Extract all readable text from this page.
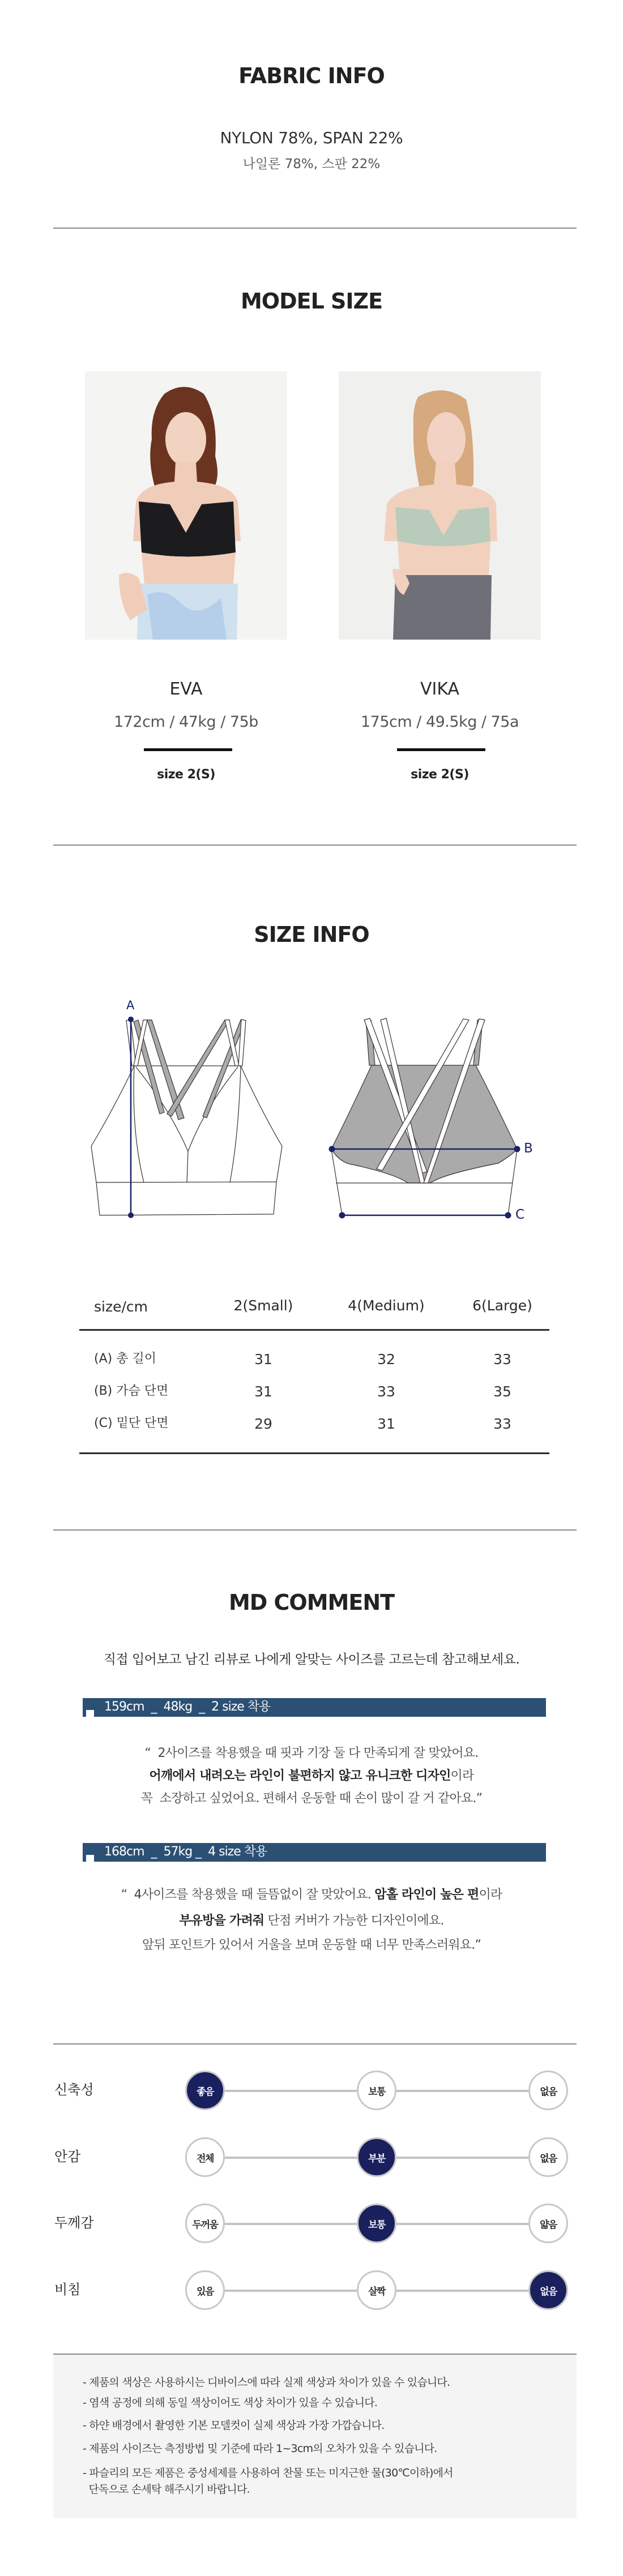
FABRIC INFO
NYLON 78%, SPAN 22%
나일론 78%, 스판 22%
MODEL SIZE
EVA
172cm / 47kg / 75b
size 2(S)
VIKA
175cm / 49.5kg / 75a
size 2(S)
SIZE INFO
A
B
C
size/cm	2(Small)	4(Medium)	6(Large)
(A) 총 길이	31	32	33
(B) 가슴 단면	31	33	35
(C) 밑단 단면	29	31	33
MD COMMENT
직접 입어보고 남긴 리뷰로 나에게 알맞는 사이즈를 고르는데 참고해보세요.
159cm  _  48kg  _  2 size 착용
“  2사이즈를 착용했을 때 핏과 기장 둘 다 만족되게 잘 맞았어요.
어깨에서 내려오는 라인이 불편하지 않고 유니크한 디자인이라
꼭  소장하고 싶었어요. 편해서 운동할 때 손이 많이 갈 거 같아요.”
168cm  _  57kg _  4 size 착용
“  4사이즈를 착용했을 때 들뜸없이 잘 맞았어요. 암홀 라인이 높은 편이라
부유방을 가려줘 단점 커버가 가능한 디자인이에요.
앞뒤 포인트가 있어서 거울을 보며 운동할 때 너무 만족스러워요.”
신축성	좋음	보통	없음
안감	전체	부분	없음
두께감	두꺼움	보통	얇음
비침	있음	살짝	없음
- 제품의 색상은 사용하시는 디바이스에 따라 실제 색상과 차이가 있을 수 있습니다.
- 염색 공정에 의해 동일 색상이어도 색상 차이가 있을 수 있습니다.
- 하얀 배경에서 촬영한 기본 모델컷이 실제 색상과 가장 가깝습니다.
- 제품의 사이즈는 측정방법 및 기준에 따라 1~3cm의 오차가 있을 수 있습니다.
- 파슬리의 모든 제품은 중성세제를 사용하여 찬물 또는 미지근한 물(30℃이하)에서
단독으로 손세탁 해주시기 바랍니다.
